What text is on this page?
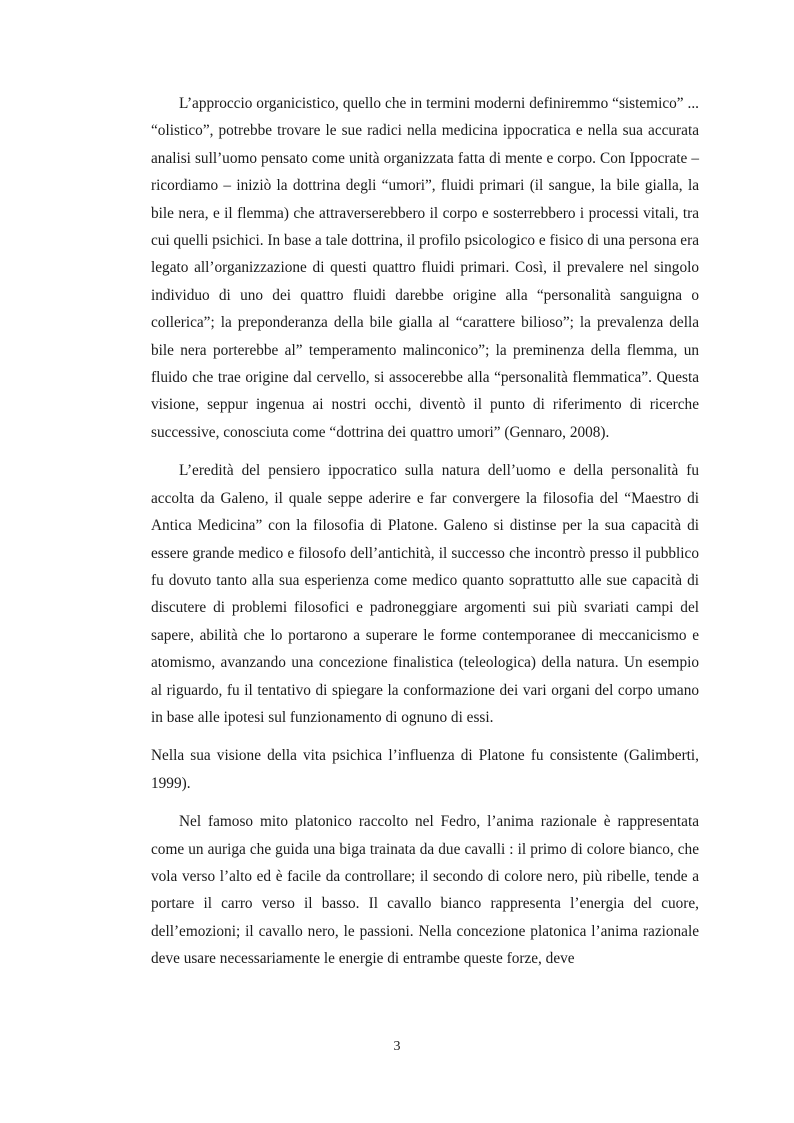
L’approccio organicistico, quello che in termini moderni definiremmo “sistemico” ... “olistico”, potrebbe trovare le sue radici nella medicina ippocratica e nella sua accurata analisi sull’uomo pensato come unità organizzata fatta di mente e corpo. Con Ippocrate – ricordiamo – iniziò la dottrina degli “umori”, fluidi primari (il sangue, la bile gialla, la bile nera, e il flemma) che attraverserebbero il corpo e sosterrebbero i processi vitali, tra cui quelli psichici. In base a tale dottrina, il profilo psicologico e fisico di una persona era legato all’organizzazione di questi quattro fluidi primari. Così, il prevalere nel singolo individuo di uno dei quattro fluidi darebbe origine alla “personalità sanguigna o collerica”; la preponderanza della bile gialla al “carattere bilioso”; la prevalenza della bile nera porterebbe al” temperamento malinconico”; la preminenza della flemma, un fluido che trae origine dal cervello, si assocerebbe alla “personalità flemmatica”. Questa visione, seppur ingenua ai nostri occhi, diventò il punto di riferimento di ricerche successive, conosciuta come “dottrina dei quattro umori” (Gennaro, 2008).

L’eredità del pensiero ippocratico sulla natura dell’uomo e della personalità fu accolta da Galeno, il quale seppe aderire e far convergere la filosofia del “Maestro di Antica Medicina” con la filosofia di Platone. Galeno si distinse per la sua capacità di essere grande medico e filosofo dell’antichità, il successo che incontrò presso il pubblico fu dovuto tanto alla sua esperienza come medico quanto soprattutto alle sue capacità di discutere di problemi filosofici e padroneggiare argomenti sui più svariati campi del sapere, abilità che lo portarono a superare le forme contemporanee di meccanicismo e atomismo, avanzando una concezione finalistica (teleologica) della natura. Un esempio al riguardo, fu il tentativo di spiegare la conformazione dei vari organi del corpo umano in base alle ipotesi sul funzionamento di ognuno di essi.

Nella sua visione della vita psichica l’influenza di Platone fu consistente (Galimberti, 1999).

Nel famoso mito platonico raccolto nel Fedro, l’anima razionale è rappresentata come un auriga che guida una biga trainata da due cavalli : il primo di colore bianco, che vola verso l’alto ed è facile da controllare; il secondo di colore nero, più ribelle, tende a portare il carro verso il basso. Il cavallo bianco rappresenta l’energia del cuore, dell’emozioni; il cavallo nero, le passioni. Nella concezione platonica l’anima razionale deve usare necessariamente le energie di entrambe queste forze, deve

3
